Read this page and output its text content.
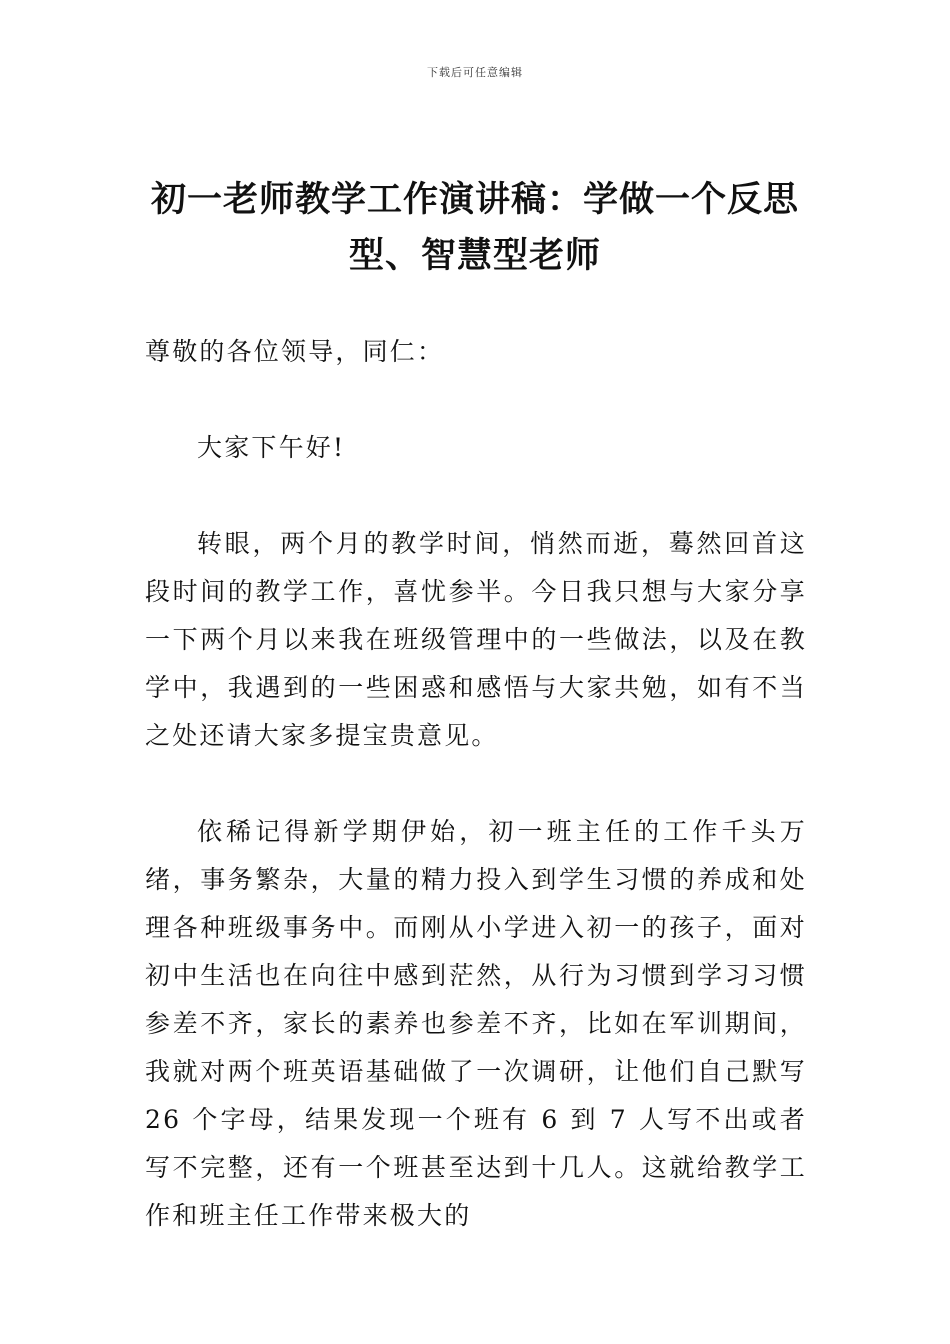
下载后可任意编辑
初一老师教学工作演讲稿：学做一个反思型、智慧型老师

尊敬的各位领导，同仁：

大家下午好!

转眼，两个月的教学时间，悄然而逝，蓦然回首这段时间的教学工作，喜忧参半。今日我只想与大家分享一下两个月以来我在班级管理中的一些做法，以及在教学中，我遇到的一些困惑和感悟与大家共勉，如有不当之处还请大家多提宝贵意见。

依稀记得新学期伊始，初一班主任的工作千头万绪，事务繁杂，大量的精力投入到学生习惯的养成和处理各种班级事务中。而刚从小学进入初一的孩子，面对初中生活也在向往中感到茫然，从行为习惯到学习习惯参差不齐，家长的素养也参差不齐，比如在军训期间，我就对两个班英语基础做了一次调研，让他们自己默写 26 个字母，结果发现一个班有 6 到 7 人写不出或者写不完整，还有一个班甚至达到十几人。这就给教学工作和班主任工作带来极大的
